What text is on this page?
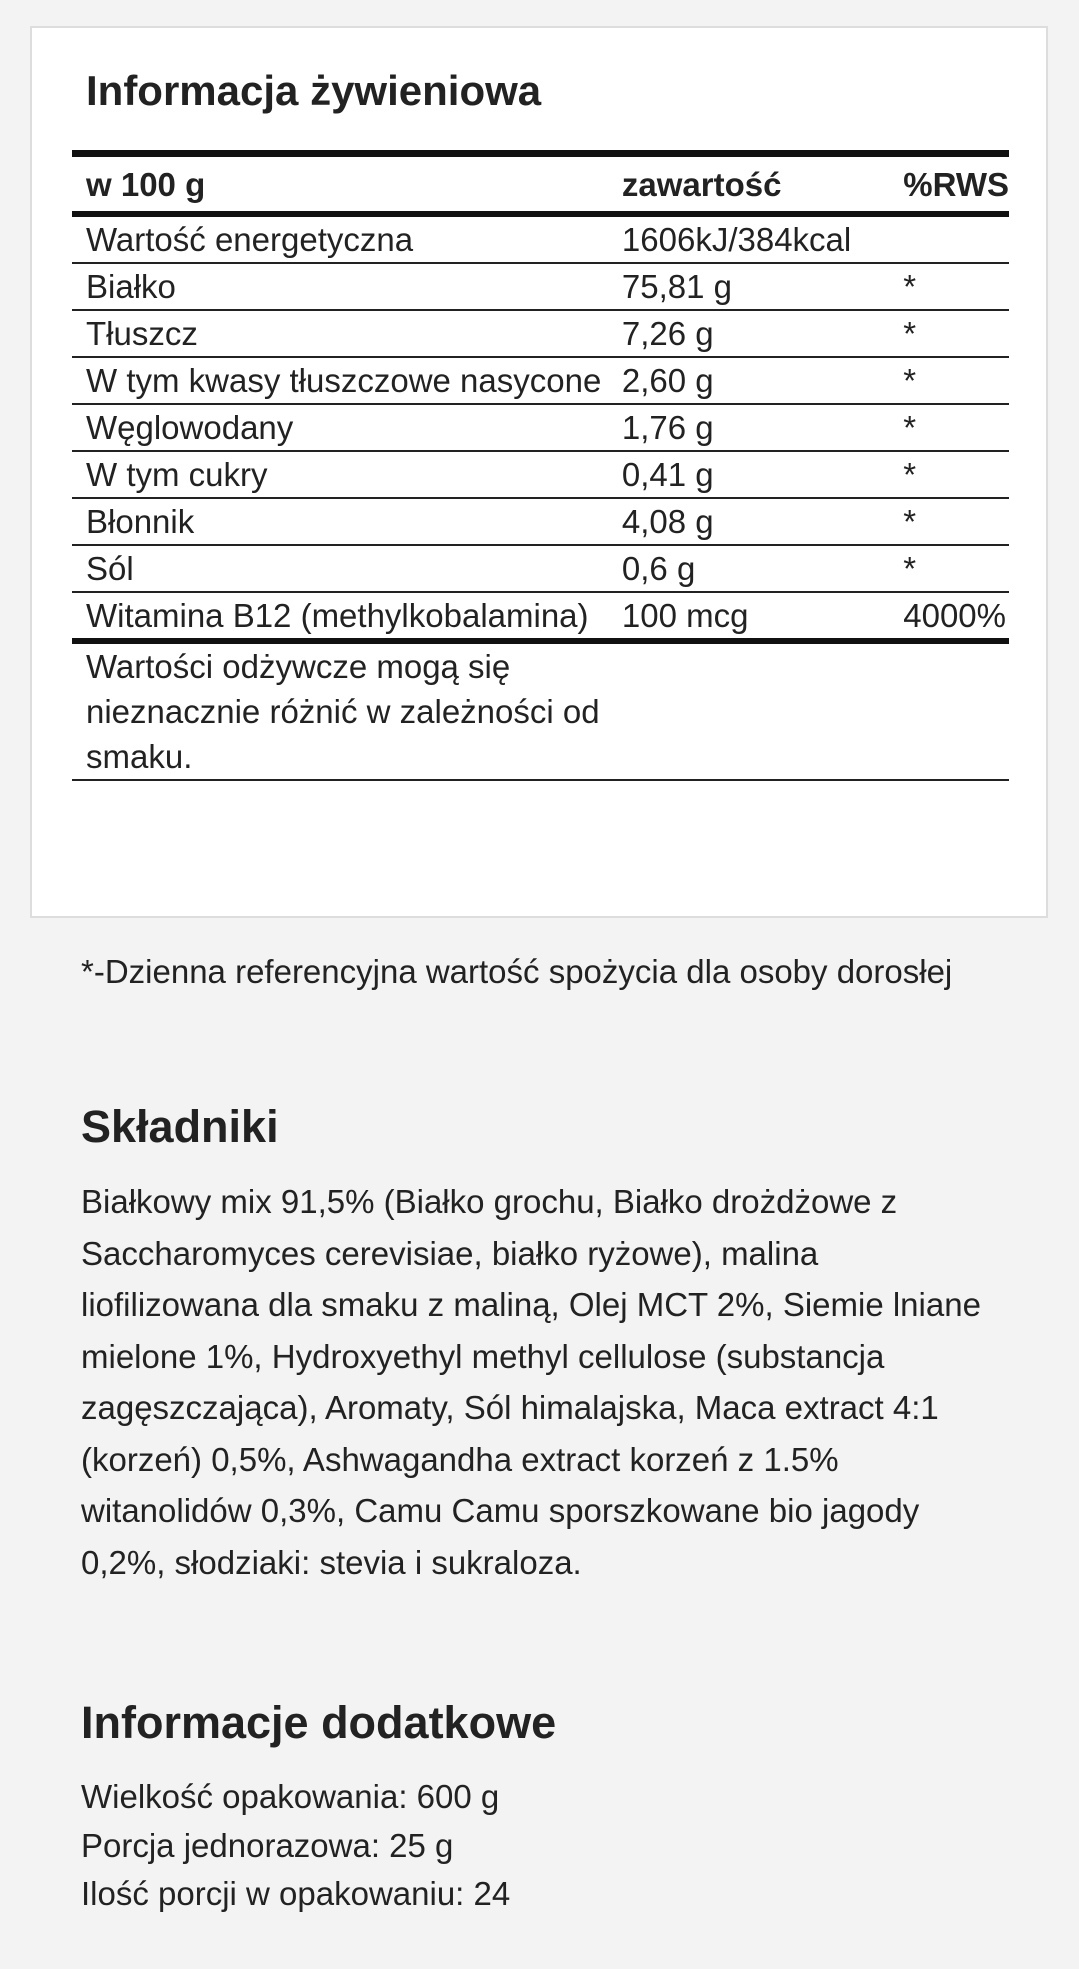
Informacja żywieniowa
w 100 g	zawartość	%RWS
Wartość energetyczna	1606kJ/384kcal	
Białko	75,81 g	*
Tłuszcz	7,26 g	*
W tym kwasy tłuszczowe nasycone	2,60 g	*
Węglowodany	1,76 g	*
W tym cukry	0,41 g	*
Błonnik	4,08 g	*
Sól	0,6 g	*
Witamina B12 (methylkobalamina)	100 mcg	4000%
Wartości odżywcze mogą się nieznacznie różnić w zależności od smaku.		
*-Dzienna referencyjna wartość spożycia dla osoby dorosłej
Składniki
Białkowy mix 91,5% (Białko grochu, Białko drożdżowe z Saccharomyces cerevisiae, białko ryżowe), malina liofilizowana dla smaku z maliną, Olej MCT 2%, Siemie lniane mielone 1%, Hydroxyethyl methyl cellulose (substancja zagęszczająca), Aromaty, Sól himalajska, Maca extract 4:1 (korzeń) 0,5%, Ashwagandha extract korzeń z 1.5% witanolidów 0,3%, Camu Camu sporszkowane bio jagody 0,2%, słodziaki: stevia i sukraloza.
Informacje dodatkowe
Wielkość opakowania: 600 g
Porcja jednorazowa: 25 g
Ilość porcji w opakowaniu: 24
